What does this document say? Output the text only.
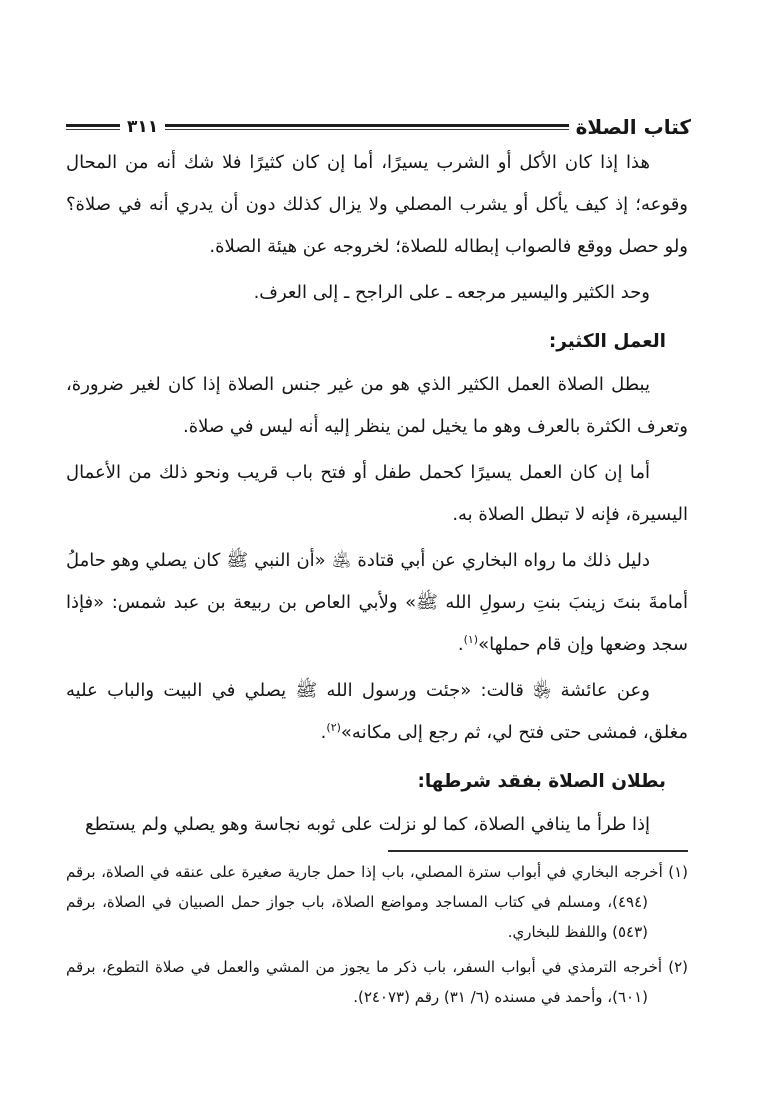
كتاب الصلاة
٣١١

هذا إذا كان الأكل أو الشرب يسيرًا، أما إن كان كثيرًا فلا شك أنه من المحال وقوعه؛ إذ كيف يأكل أو يشرب المصلي ولا يزال كذلك دون أن يدري أنه في صلاة؟ ولو حصل ووقع فالصواب إبطاله للصلاة؛ لخروجه عن هيئة الصلاة.

وحد الكثير واليسير مرجعه ـ على الراجح ـ إلى العرف.

العمل الكثير:

يبطل الصلاة العمل الكثير الذي هو من غير جنس الصلاة إذا كان لغير ضرورة، وتعرف الكثرة بالعرف وهو ما يخيل لمن ينظر إليه أنه ليس في صلاة.

أما إن كان العمل يسيرًا كحمل طفل أو فتح باب قريب ونحو ذلك من الأعمال اليسيرة، فإنه لا تبطل الصلاة به.

دليل ذلك ما رواه البخاري عن أبي قتادة ﵁ «أن النبي ﷺ كان يصلي وهو حاملُ أمامةَ بنتَ زينبَ بنتِ رسولِ الله ﷺ» ولأبي العاص بن ربيعة بن عبد شمس: «فإذا سجد وضعها وإن قام حملها»$^{(١)}$.

وعن عائشة ﵂ قالت: «جئت ورسول الله ﷺ يصلي في البيت والباب عليه مغلق، فمشى حتى فتح لي، ثم رجع إلى مكانه»$^{(٢)}$.

بطلان الصلاة بفقد شرطها:

إذا طرأ ما ينافي الصلاة، كما لو نزلت على ثوبه نجاسة وهو يصلي ولم يستطع

(١) أخرجه البخاري في أبواب سترة المصلي، باب إذا حمل جارية صغيرة على عنقه في الصلاة، برقم (٤٩٤)، ومسلم في كتاب المساجد ومواضع الصلاة، باب جواز حمل الصبيان في الصلاة، برقم (٥٤٣) واللفظ للبخاري.
(٢) أخرجه الترمذي في أبواب السفر، باب ذكر ما يجوز من المشي والعمل في صلاة التطوع، برقم (٦٠١)، وأحمد في مسنده (٦/ ٣١) رقم (٢٤٠٧٣).
